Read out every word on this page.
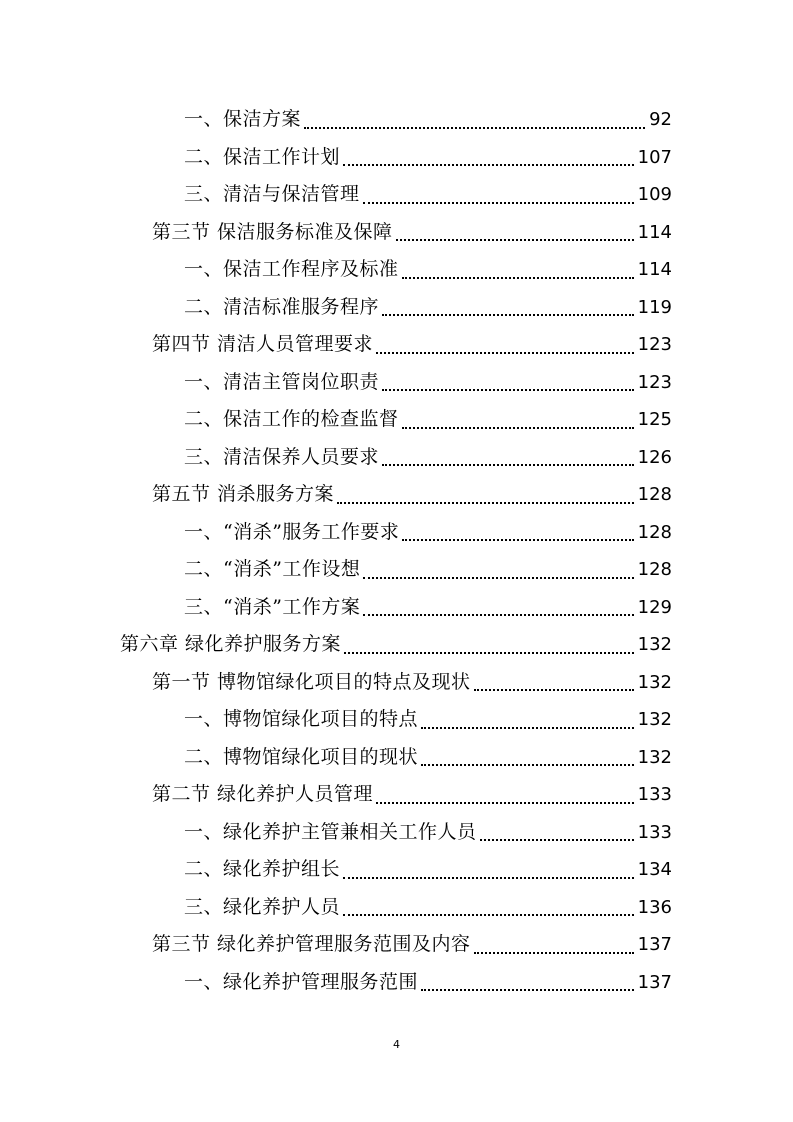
一、保洁方案	92
二、保洁工作计划	107
三、清洁与保洁管理	109
第三节 保洁服务标准及保障	114
一、保洁工作程序及标准	114
二、清洁标准服务程序	119
第四节 清洁人员管理要求	123
一、清洁主管岗位职责	123
二、保洁工作的检查监督	125
三、清洁保养人员要求	126
第五节 消杀服务方案	128
一、“消杀”服务工作要求	128
二、“消杀”工作设想	128
三、“消杀”工作方案	129
第六章 绿化养护服务方案	132
第一节 博物馆绿化项目的特点及现状	132
一、博物馆绿化项目的特点	132
二、博物馆绿化项目的现状	132
第二节 绿化养护人员管理	133
一、绿化养护主管兼相关工作人员	133
二、绿化养护组长	134
三、绿化养护人员	136
第三节 绿化养护管理服务范围及内容	137
一、绿化养护管理服务范围	137
4
